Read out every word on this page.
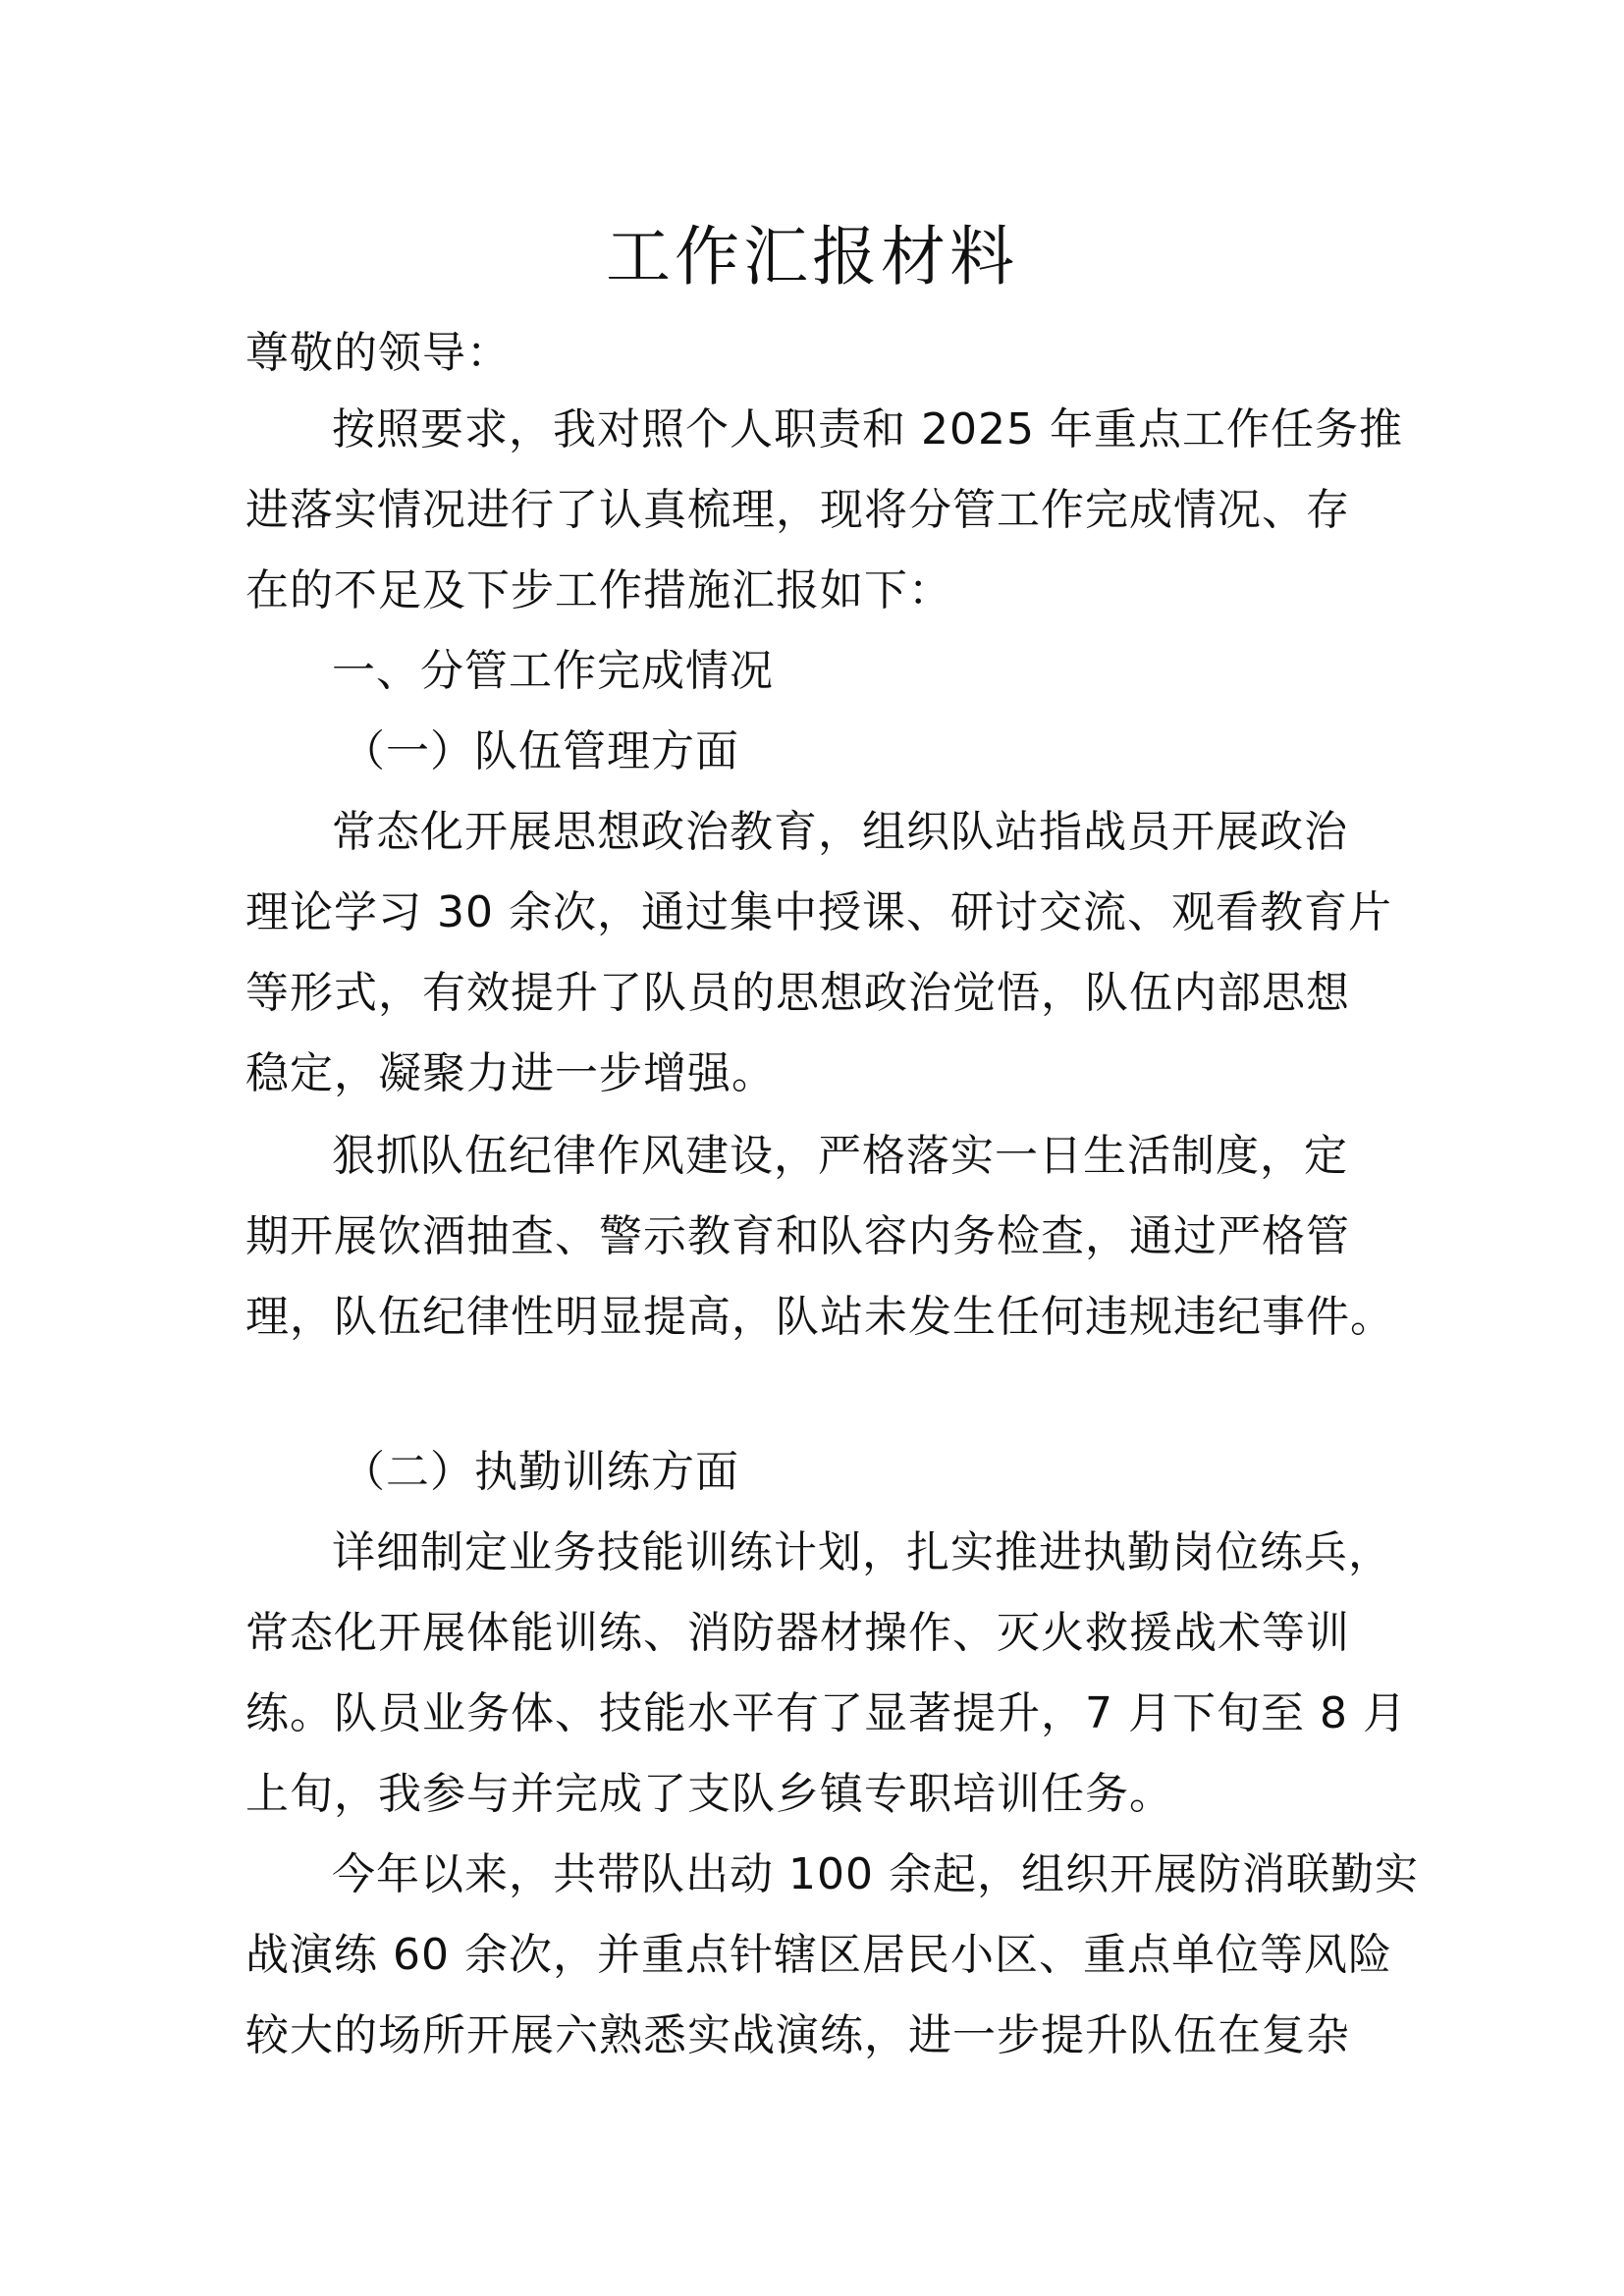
工作汇报材料
尊敬的领导：
按照要求，我对照个人职责和 2025 年重点工作任务推
进落实情况进行了认真梳理，现将分管工作完成情况、存
在的不足及下步工作措施汇报如下：
一、分管工作完成情况
（一）队伍管理方面
常态化开展思想政治教育，组织队站指战员开展政治
理论学习 30 余次，通过集中授课、研讨交流、观看教育片
等形式，有效提升了队员的思想政治觉悟，队伍内部思想
稳定，凝聚力进一步增强。
狠抓队伍纪律作风建设，严格落实一日生活制度，定
期开展饮酒抽查、警示教育和队容内务检查，通过严格管
理，队伍纪律性明显提高，队站未发生任何违规违纪事件。
（二）执勤训练方面
详细制定业务技能训练计划，扎实推进执勤岗位练兵，
常态化开展体能训练、消防器材操作、灭火救援战术等训
练。队员业务体、技能水平有了显著提升，7 月下旬至 8 月
上旬，我参与并完成了支队乡镇专职培训任务。
今年以来，共带队出动 100 余起，组织开展防消联勤实
战演练 60 余次，并重点针辖区居民小区、重点单位等风险
较大的场所开展六熟悉实战演练，进一步提升队伍在复杂
